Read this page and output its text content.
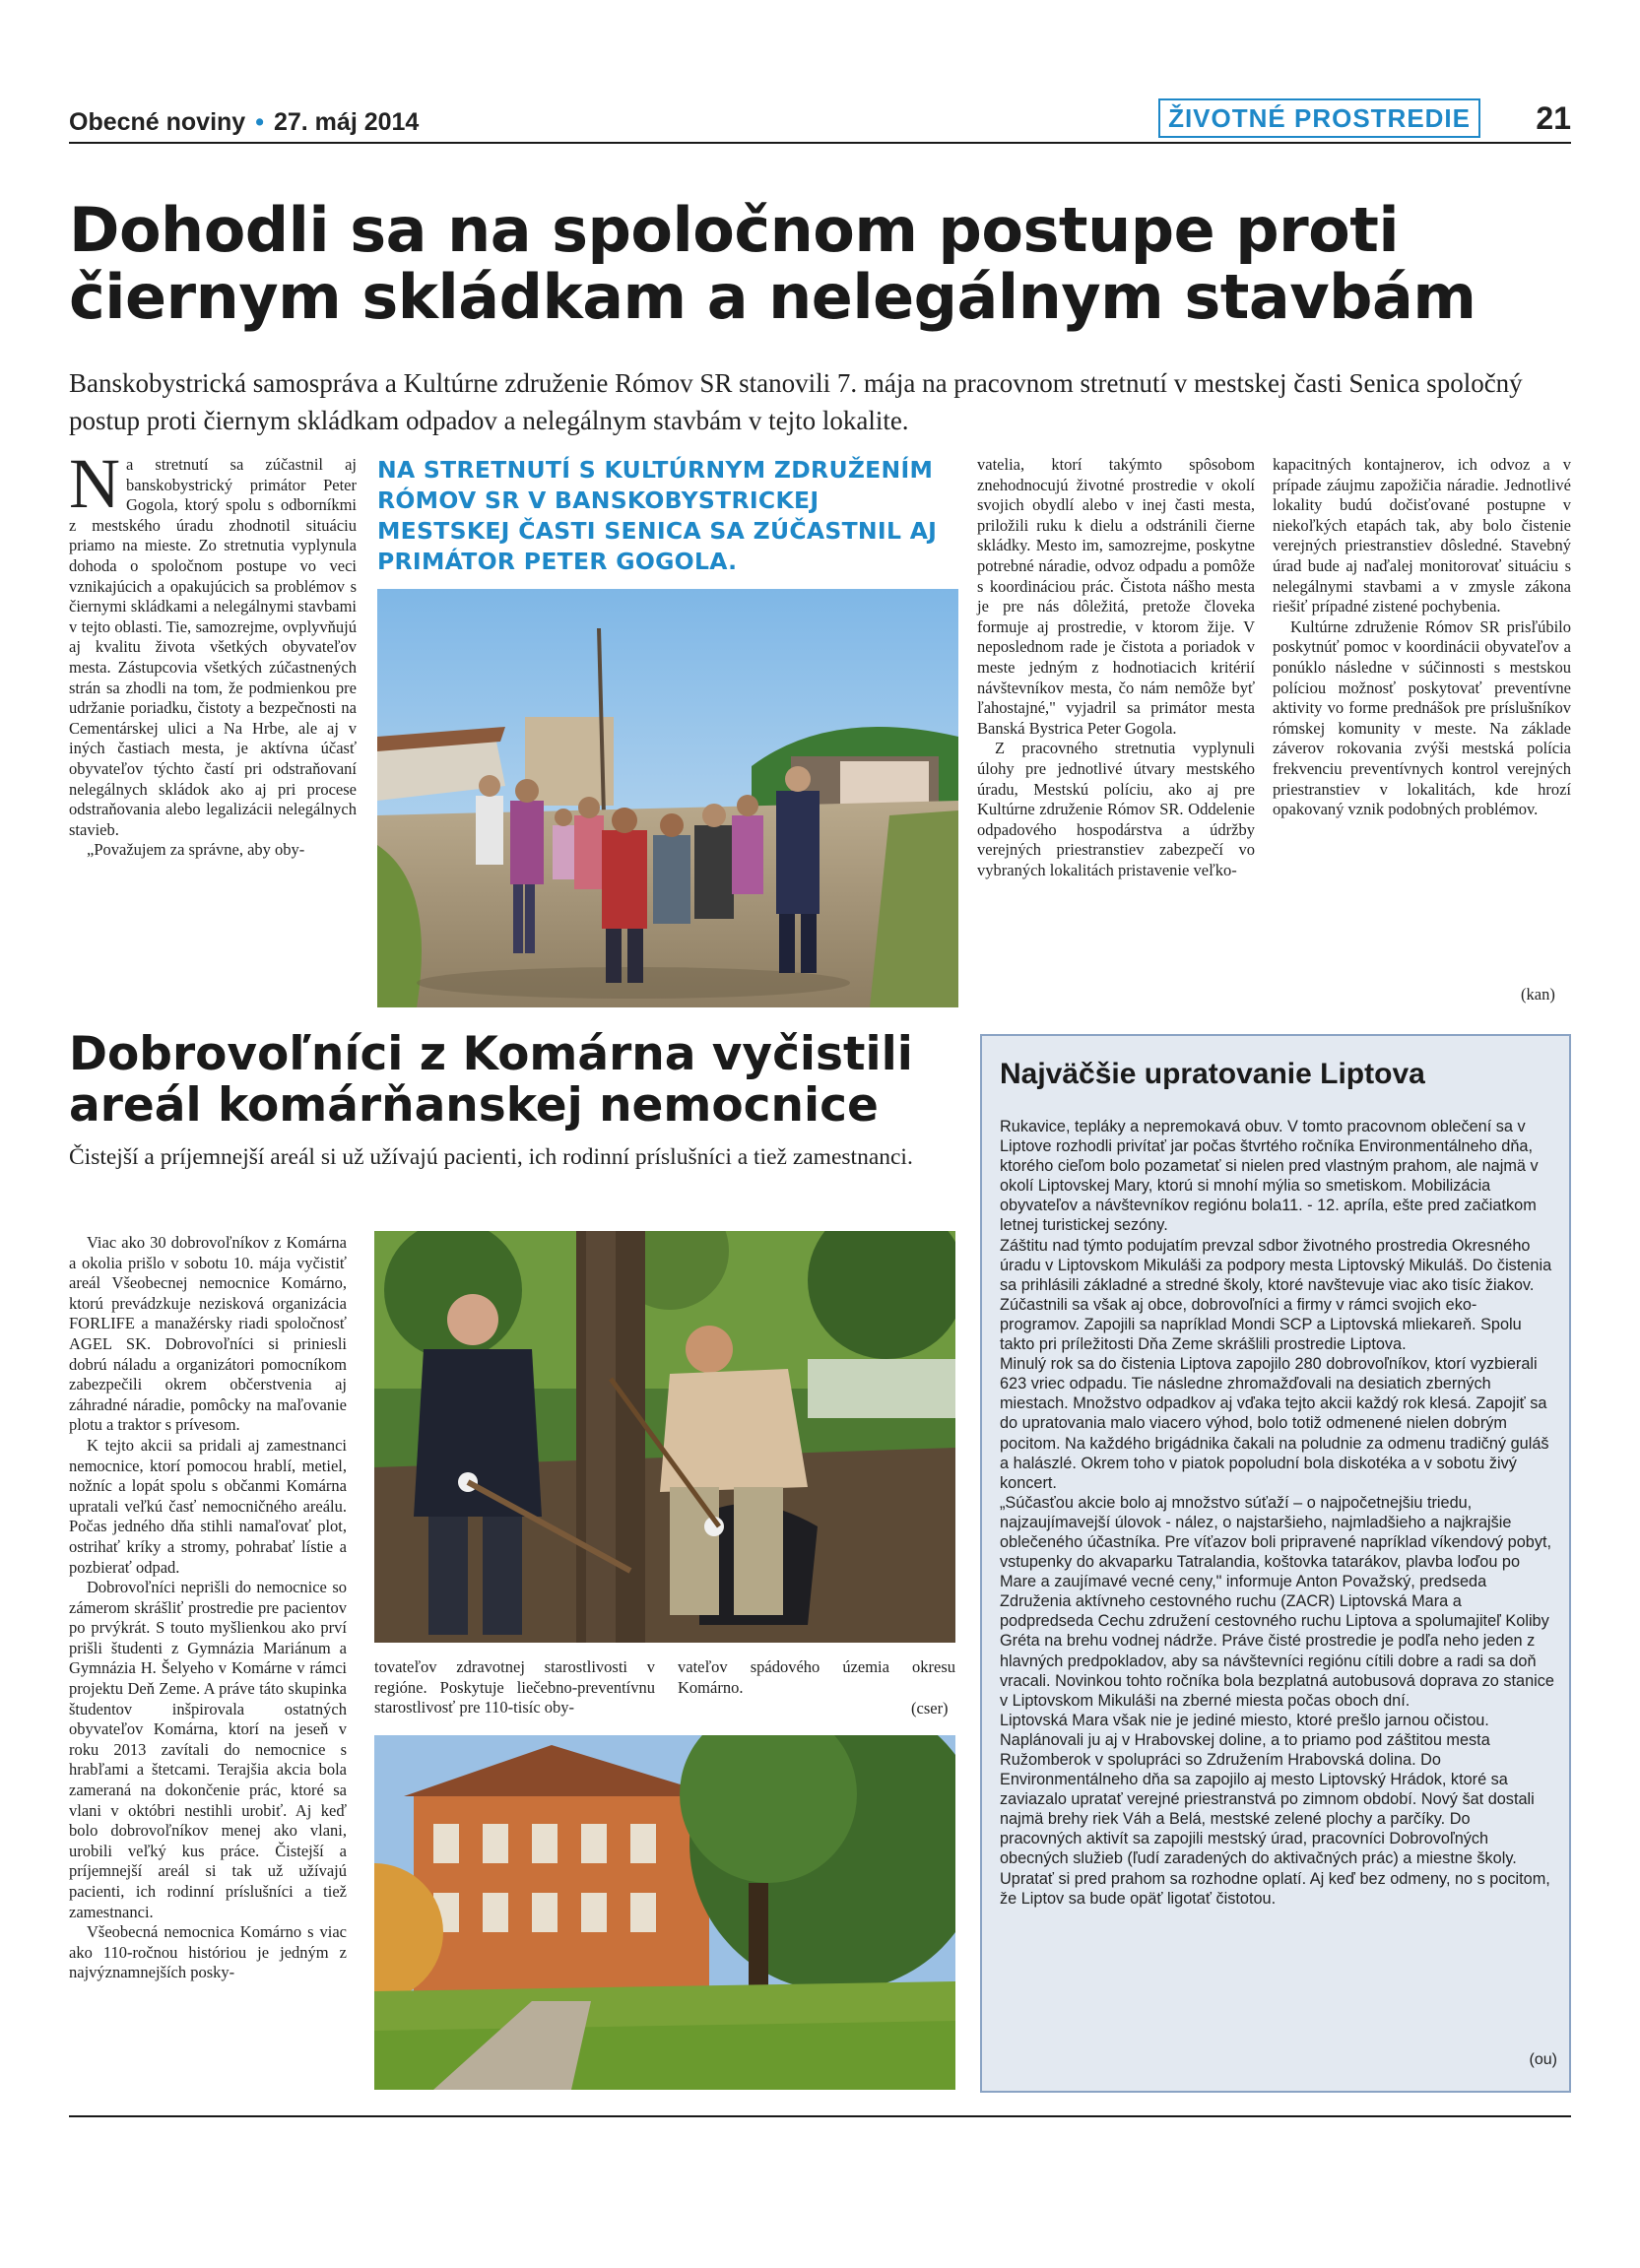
Obecné noviny • 27. máj 2014	ŽIVOTNÉ PROSTREDIE	21
Dohodli sa na spoločnom postupe proti čiernym skládkam a nelegálnym stavbám

Banskobystrická samospráva a Kultúrne združenie Rómov SR stanovili 7. mája na pracovnom stretnutí v mestskej časti Senica spoločný postup proti čiernym skládkam odpadov a nelegálnym stavbám v tejto lokalite.

Na stretnutí sa zúčastnil aj banskobystrický primátor Peter Gogola, ktorý spolu s odborníkmi z mestského úradu zhodnotil situáciu priamo na mieste. Zo stretnutia vyplynula dohoda o spoločnom postupe vo veci vznikajúcich a opakujúcich sa problémov s čiernymi skládkami a nelegálnymi stavbami v tejto oblasti. Tie, samozrejme, ovplyvňujú aj kvalitu života všetkých obyvateľov mesta. Zástupcovia všetkých zúčastnených strán sa zhodli na tom, že podmienkou pre udržanie poriadku, čistoty a bezpečnosti na Cementárskej ulici a Na Hrbe, ale aj v iných častiach mesta, je aktívna účasť obyvateľov týchto častí pri odstraňovaní nelegálnych skládok ako aj pri procese odstraňovania alebo legalizácii nelegálnych stavieb.

„Považujem za správne, aby oby-

NA STRETNUTÍ S KULTÚRNYM ZDRUŽENÍM RÓMOV SR V BANSKOBYSTRICKEJ MESTSKEJ ČASTI SENICA SA ZÚČASTNIL AJ PRIMÁTOR PETER GOGOLA.

vatelia, ktorí takýmto spôsobom znehodnocujú životné prostredie v okolí svojich obydlí alebo v inej časti mesta, priložili ruku k dielu a odstránili čierne skládky. Mesto im, samozrejme, poskytne potrebné náradie, odvoz odpadu a pomôže s koordináciou prác. Čistota nášho mesta je pre nás dôležitá, pretože človeka formuje aj prostredie, v ktorom žije. V neposlednom rade je čistota a poriadok v meste jedným z hodnotiacich kritérií návštevníkov mesta, čo nám nemôže byť ľahostajné," vyjadril sa primátor mesta Banská Bystrica Peter Gogola.

Z pracovného stretnutia vyplynuli úlohy pre jednotlivé útvary mestského úradu, Mestskú políciu, ako aj pre Kultúrne združenie Rómov SR. Oddelenie odpadového hospodárstva a údržby verejných priestranstiev zabezpečí vo vybraných lokalitách pristavenie veľko-

kapacitných kontajnerov, ich odvoz a v prípade záujmu zapožičia náradie. Jednotlivé lokality budú dočisťované postupne v niekoľkých etapách tak, aby bolo čistenie verejných priestranstiev dôsledné. Stavebný úrad bude aj naďalej monitorovať situáciu s nelegálnymi stavbami a v zmysle zákona riešiť prípadné zistené pochybenia.

Kultúrne združenie Rómov SR prisľúbilo poskytnúť pomoc v koordinácii obyvateľov a ponúklo následne v súčinnosti s mestskou políciou možnosť poskytovať preventívne aktivity vo forme prednášok pre príslušníkov rómskej komunity v meste. Na základe záverov rokovania zvýši mestská polícia frekvenciu preventívnych kontrol verejných priestranstiev v lokalitách, kde hrozí opakovaný vznik podobných problémov.

(kan)
Dobrovoľníci z Komárna vyčistili areál komárňanskej nemocnice

Čistejší a príjemnejší areál si už užívajú pacienti, ich rodinní príslušníci a tiež zamestnanci.

Viac ako 30 dobrovoľníkov z Komárna a okolia prišlo v sobotu 10. mája vyčistiť areál Všeobecnej nemocnice Komárno, ktorú prevádzkuje nezisková organizácia FORLIFE a manažérsky riadi spoločnosť AGEL SK. Dobrovoľníci si priniesli dobrú náladu a organizátori pomocníkom zabezpečili okrem občerstvenia aj záhradné náradie, pomôcky na maľovanie plotu a traktor s prívesom.

K tejto akcii sa pridali aj zamestnanci nemocnice, ktorí pomocou hrablí, metiel, nožníc a lopát spolu s občanmi Komárna upratali veľkú časť nemocničného areálu. Počas jedného dňa stihli namaľovať plot, ostrihať kríky a stromy, pohrabať lístie a pozbierať odpad.

Dobrovoľníci neprišli do nemocnice so zámerom skrášliť prostredie pre pacientov po prvýkrát. S touto myšlienkou ako prví prišli študenti z Gymnázia Mariánum a Gymnázia H. Šelyeho v Komárne v rámci projektu Deň Zeme. A práve táto skupinka študentov inšpirovala ostatných obyvateľov Komárna, ktorí na jeseň v roku 2013 zavítali do nemocnice s hrabľami a štetcami. Terajšia akcia bola zameraná na dokončenie prác, ktoré sa vlani v októbri nestihli urobiť. Aj keď bolo dobrovoľníkov menej ako vlani, urobili veľký kus práce. Čistejší a príjemnejší areál si tak už užívajú pacienti, ich rodinní príslušníci a tiež zamestnanci.

Všeobecná nemocnica Komárno s viac ako 110-ročnou históriou je jedným z najvýznamnejších posky-

tovateľov zdravotnej starostlivosti v regióne. Poskytuje liečebno-preventívnu starostlivosť pre 110-tisíc oby-

vateľov spádového územia okresu Komárno.

(cser)
Najväčšie upratovanie Liptova

Rukavice, tepláky a nepremokavá obuv. V tomto pracovnom oblečení sa v Liptove rozhodli privítať jar počas štvrtého ročníka Environmentálneho dňa, ktorého cieľom bolo pozametať si nielen pred vlastným prahom, ale najmä v okolí Liptovskej Mary, ktorú si mnohí mýlia so smetiskom. Mobilizácia obyvateľov a návštevníkov regiónu bola11. - 12. apríla, ešte pred začiatkom letnej turistickej sezóny.

Záštitu nad týmto podujatím prevzal sdbor životného prostredia Okresného úradu v Liptovskom Mikuláši za podpory mesta Liptovský Mikuláš. Do čistenia sa prihlásili základné a stredné školy, ktoré navštevuje viac ako tisíc žiakov. Zúčastnili sa však aj obce, dobrovoľníci a firmy v rámci svojich eko-programov. Zapojili sa napríklad Mondi SCP a Liptovská mliekareň. Spolu takto pri príležitosti Dňa Zeme skrášlili prostredie Liptova.

Minulý rok sa do čistenia Liptova zapojilo 280 dobrovoľníkov, ktorí vyzbierali 623 vriec odpadu. Tie následne zhromažďovali na desiatich zberných miestach. Množstvo odpadkov aj vďaka tejto akcii každý rok klesá. Zapojiť sa do upratovania malo viacero výhod, bolo totiž odmenené nielen dobrým pocitom. Na každého brigádnika čakali na poludnie za odmenu tradičný guláš a halászlé. Okrem toho v piatok popoludní bola diskotéka a v sobotu živý koncert.

„Súčasťou akcie bolo aj množstvo súťaží – o najpočetnejšiu triedu, najzaujímavejší úlovok - nález, o najstaršieho, najmladšieho a najkrajšie oblečeného účastníka. Pre víťazov boli pripravené napríklad víkendový pobyt, vstupenky do akvaparku Tatralandia, koštovka tatarákov, plavba loďou po Mare a zaujímavé vecné ceny," informuje Anton Považský, predseda Združenia aktívneho cestovného ruchu (ZACR) Liptovská Mara a podpredseda Cechu združení cestovného ruchu Liptova a spolumajiteľ Koliby Gréta na brehu vodnej nádrže. Práve čisté prostredie je podľa neho jeden z hlavných predpokladov, aby sa návštevníci regiónu cítili dobre a radi sa doň vracali. Novinkou tohto ročníka bola bezplatná autobusová doprava zo stanice v Liptovskom Mikuláši na zberné miesta počas oboch dní.

Liptovská Mara však nie je jediné miesto, ktoré prešlo jarnou očistou. Naplánovali ju aj v Hrabovskej doline, a to priamo pod záštitou mesta Ružomberok v spolupráci so Združením Hrabovská dolina. Do Environmentálneho dňa sa zapojilo aj mesto Liptovský Hrádok, ktoré sa zaviazalo upratať verejné priestranstvá po zimnom období. Nový šat dostali najmä brehy riek Váh a Belá, mestské zelené plochy a parčíky. Do pracovných aktivít sa zapojili mestský úrad, pracovníci Dobrovoľných obecných služieb (ľudí zaradených do aktivačných prác) a miestne školy.

Upratať si pred prahom sa rozhodne oplatí. Aj keď bez odmeny, no s pocitom, že Liptov sa bude opäť ligotať čistotou.

(ou)
